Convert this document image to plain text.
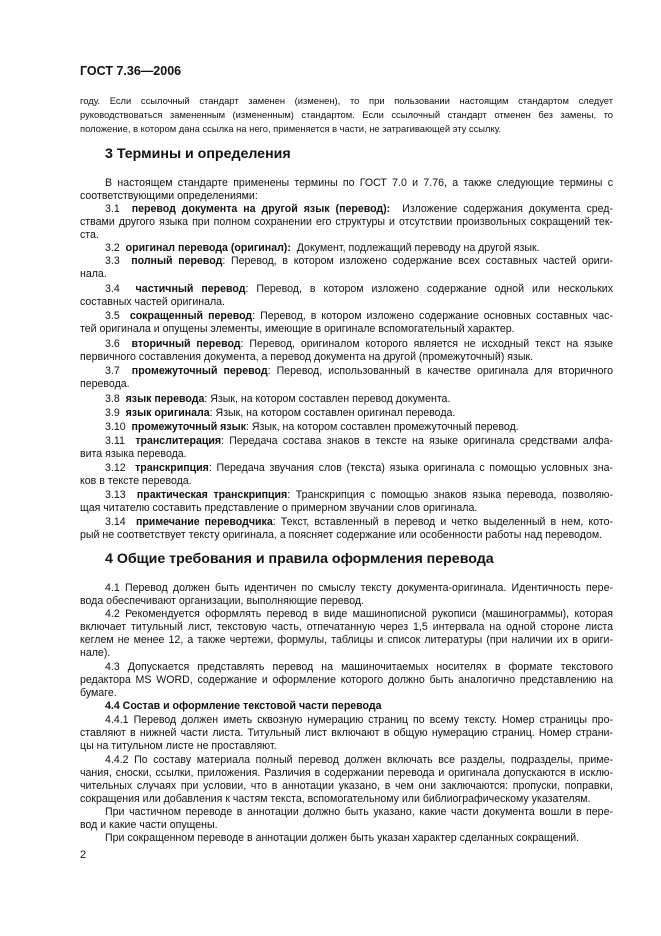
ГОСТ 7.36—2006

году. Если ссылочный стандарт заменен (изменен), то при пользовании настоящим стандартом следует

руководствоваться замененным (измененным) стандартом. Если ссылочный стандарт отменен без замены, то

положение, в котором дана ссылка на него, применяется в части, не затрагивающей эту ссылку.

3 Термины и определения

В настоящем стандарте применены термины по ГОСТ 7.0 и 7.76, а также следующие термины с

соответствующими определениями:

3.1 перевод документа на другой язык (перевод): Изложение содержания документа сред-

ствами другого языка при полном сохранении его структуры и отсутствии произвольных сокращений тек-

ста.

3.2 оригинал перевода (оригинал): Документ, подлежащий переводу на другой язык.

3.3 полный перевод: Перевод, в котором изложено содержание всех составных частей ориги-

нала.

3.4 частичный перевод: Перевод, в котором изложено содержание одной или нескольких

составных частей оригинала.

3.5 сокращенный перевод: Перевод, в котором изложено содержание основных составных час-

тей оригинала и опущены элементы, имеющие в оригинале вспомогательный характер.

3.6 вторичный перевод: Перевод, оригиналом которого является не исходный текст на языке

первичного составления документа, а перевод документа на другой (промежуточный) язык.

3.7 промежуточный перевод: Перевод, использованный в качестве оригинала для вторичного

перевода.

3.8 язык перевода: Язык, на котором составлен перевод документа.

3.9 язык оригинала: Язык, на котором составлен оригинал перевода.

3.10 промежуточный язык: Язык, на котором составлен промежуточный перевод.

3.11 транслитерация: Передача состава знаков в тексте на языке оригинала средствами алфа-

вита языка перевода.

3.12 транскрипция: Передача звучания слов (текста) языка оригинала с помощью условных зна-

ков в тексте перевода.

3.13 практическая транскрипция: Транскрипция с помощью знаков языка перевода, позволяю-

щая читателю составить представление о примерном звучании слов оригинала.

3.14 примечание переводчика: Текст, вставленный в перевод и четко выделенный в нем, кото-

рый не соответствует тексту оригинала, а поясняет содержание или особенности работы над переводом.

4 Общие требования и правила оформления перевода

4.1 Перевод должен быть идентичен по смыслу тексту документа-оригинала. Идентичность пере-

вода обеспечивают организации, выполняющие перевод.

4.2 Рекомендуется оформлять перевод в виде машинописной рукописи (машинограммы), которая

включает титульный лист, текстовую часть, отпечатанную через 1,5 интервала на одной стороне листа

кеглем не менее 12, а также чертежи, формулы, таблицы и список литературы (при наличии их в ориги-

нале).

4.3 Допускается представлять перевод на машиночитаемых носителях в формате текстового

редактора MS WORD, содержание и оформление которого должно быть аналогично представлению на

бумаге.

4.4 Состав и оформление текстовой части перевода

4.4.1 Перевод должен иметь сквозную нумерацию страниц по всему тексту. Номер страницы про-

ставляют в нижней части листа. Титульный лист включают в общую нумерацию страниц. Номер страни-

цы на титульном листе не проставляют.

4.4.2 По составу материала полный перевод должен включать все разделы, подразделы, приме-

чания, сноски, ссылки, приложения. Различия в содержании перевода и оригинала допускаются в исклю-

чительных случаях при условии, что в аннотации указано, в чем они заключаются: пропуски, поправки,

сокращения или добавления к частям текста, вспомогательному или библиографическому указателям.

При частичном переводе в аннотации должно быть указано, какие части документа вошли в пере-

вод и какие части опущены.

При сокращенном переводе в аннотации должен быть указан характер сделанных сокращений.

2
